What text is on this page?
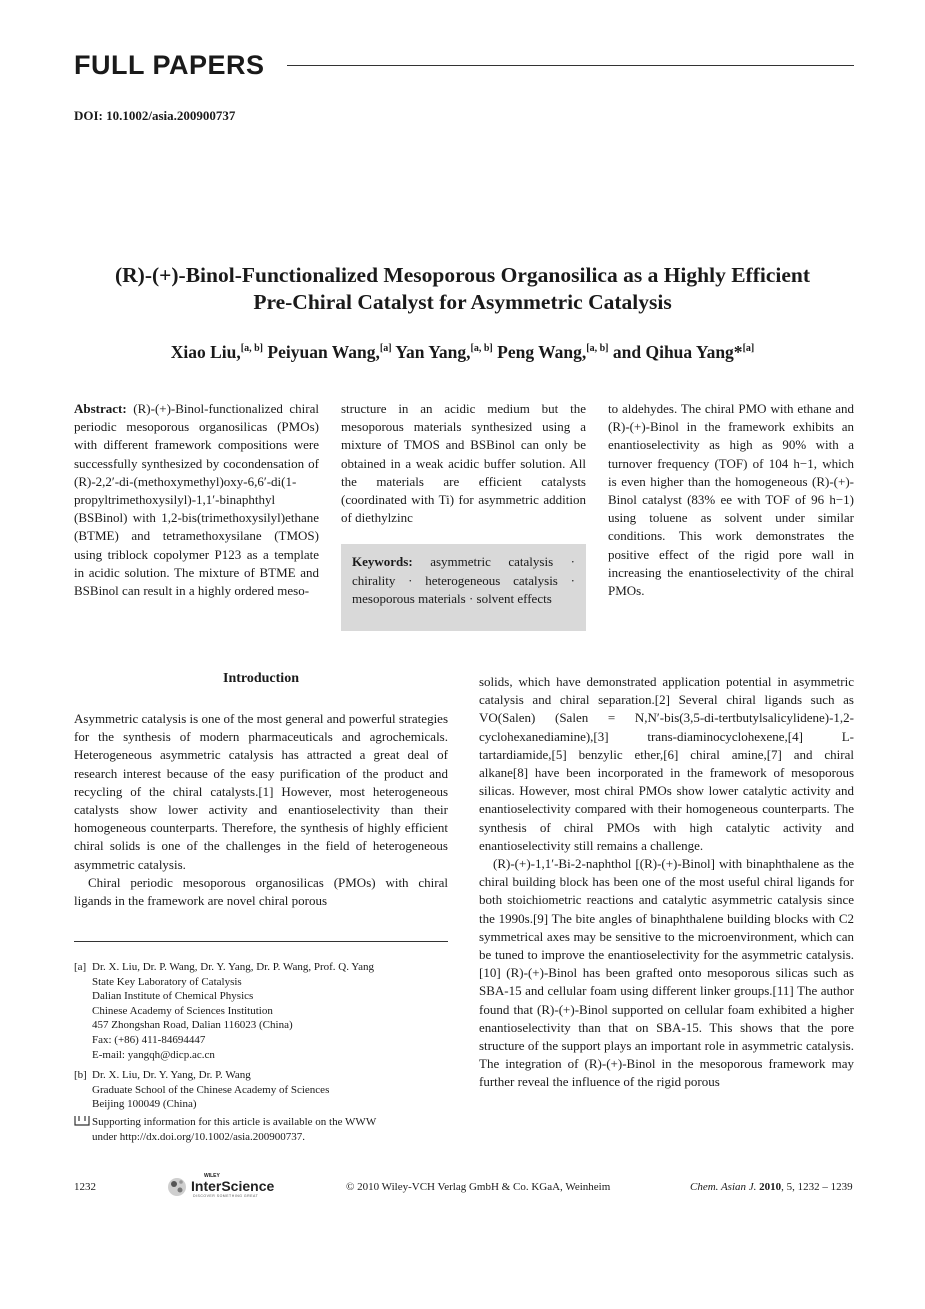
FULL PAPERS
DOI: 10.1002/asia.200900737
(R)-(+)-Binol-Functionalized Mesoporous Organosilica as a Highly Efficient
Pre-Chiral Catalyst for Asymmetric Catalysis
Xiao Liu,[a, b] Peiyuan Wang,[a] Yan Yang,[a, b] Peng Wang,[a, b] and Qihua Yang*[a]

Abstract: (R)-(+)-Binol-functionalized chiral periodic mesoporous organosilicas (PMOs) with different framework compositions were successfully synthesized by cocondensation of (R)-2,2′-di-(methoxymethyl)oxy-6,6′-di(1-propyltrimethoxysilyl)-1,1′-binaphthyl (BSBinol) with 1,2-bis(trimethoxysilyl)ethane (BTME) and tetramethoxysilane (TMOS) using triblock copolymer P123 as a template in acidic solution. The mixture of BTME and BSBinol can result in a highly ordered meso-

structure in an acidic medium but the mesoporous materials synthesized using a mixture of TMOS and BSBinol can only be obtained in a weak acidic buffer solution. All the materials are efficient catalysts (coordinated with Ti) for asymmetric addition of diethylzinc

Keywords: asymmetric catalysis · chirality · heterogeneous catalysis · mesoporous materials · solvent effects

to aldehydes. The chiral PMO with ethane and (R)-(+)-Binol in the framework exhibits an enantioselectivity as high as 90% with a turnover frequency (TOF) of 104 h−1, which is even higher than the homogeneous (R)-(+)-Binol catalyst (83% ee with TOF of 96 h−1) using toluene as solvent under similar conditions. This work demonstrates the positive effect of the rigid pore wall in increasing the enantioselectivity of the chiral PMOs.

Introduction

Asymmetric catalysis is one of the most general and powerful strategies for the synthesis of modern pharmaceuticals and agrochemicals. Heterogeneous asymmetric catalysis has attracted a great deal of research interest because of the easy purification of the product and recycling of the chiral catalysts.[1] However, most heterogeneous catalysts show lower activity and enantioselectivity than their homogeneous counterparts. Therefore, the synthesis of highly efficient chiral solids is one of the challenges in the field of heterogeneous asymmetric catalysis.

Chiral periodic mesoporous organosilicas (PMOs) with chiral ligands in the framework are novel chiral porous

solids, which have demonstrated application potential in asymmetric catalysis and chiral separation.[2] Several chiral ligands such as VO(Salen) (Salen = N,N′-bis(3,5-di-tertbutylsalicylidene)-1,2-cyclohexanediamine),[3] trans-diaminocyclohexene,[4] L-tartardiamide,[5] benzylic ether,[6] chiral amine,[7] and chiral alkane[8] have been incorporated in the framework of mesoporous silicas. However, most chiral PMOs show lower catalytic activity and enantioselectivity compared with their homogeneous counterparts. The synthesis of chiral PMOs with high catalytic activity and enantioselectivity still remains a challenge.

(R)-(+)-1,1′-Bi-2-naphthol [(R)-(+)-Binol] with binaphthalene as the chiral building block has been one of the most useful chiral ligands for both stoichiometric reactions and catalytic asymmetric catalysis since the 1990s.[9] The bite angles of binaphthalene building blocks with C2 symmetrical axes may be sensitive to the microenvironment, which can be tuned to improve the enantioselectivity for the asymmetric catalysis.[10] (R)-(+)-Binol has been grafted onto mesoporous silicas such as SBA-15 and cellular foam using different linker groups.[11] The author found that (R)-(+)-Binol supported on cellular foam exhibited a higher enantioselectivity than that on SBA-15. This shows that the pore structure of the support plays an important role in asymmetric catalysis. The integration of (R)-(+)-Binol in the mesoporous framework may further reveal the influence of the rigid porous

[a] Dr. X. Liu, Dr. P. Wang, Dr. Y. Yang, Dr. P. Wang, Prof. Q. Yang
State Key Laboratory of Catalysis
Dalian Institute of Chemical Physics
Chinese Academy of Sciences Institution
457 Zhongshan Road, Dalian 116023 (China)
Fax: (+86) 411-84694447
E-mail: yangqh@dicp.ac.cn
[b] Dr. X. Liu, Dr. Y. Yang, Dr. P. Wang
Graduate School of the Chinese Academy of Sciences
Beijing 100049 (China)
Supporting information for this article is available on the WWW
under http://dx.doi.org/10.1002/asia.200900737.
1232
WILEY
InterScience
DISCOVER SOMETHING GREAT
© 2010 Wiley-VCH Verlag GmbH & Co. KGaA, Weinheim	Chem. Asian J. 2010, 5, 1232 – 1239
